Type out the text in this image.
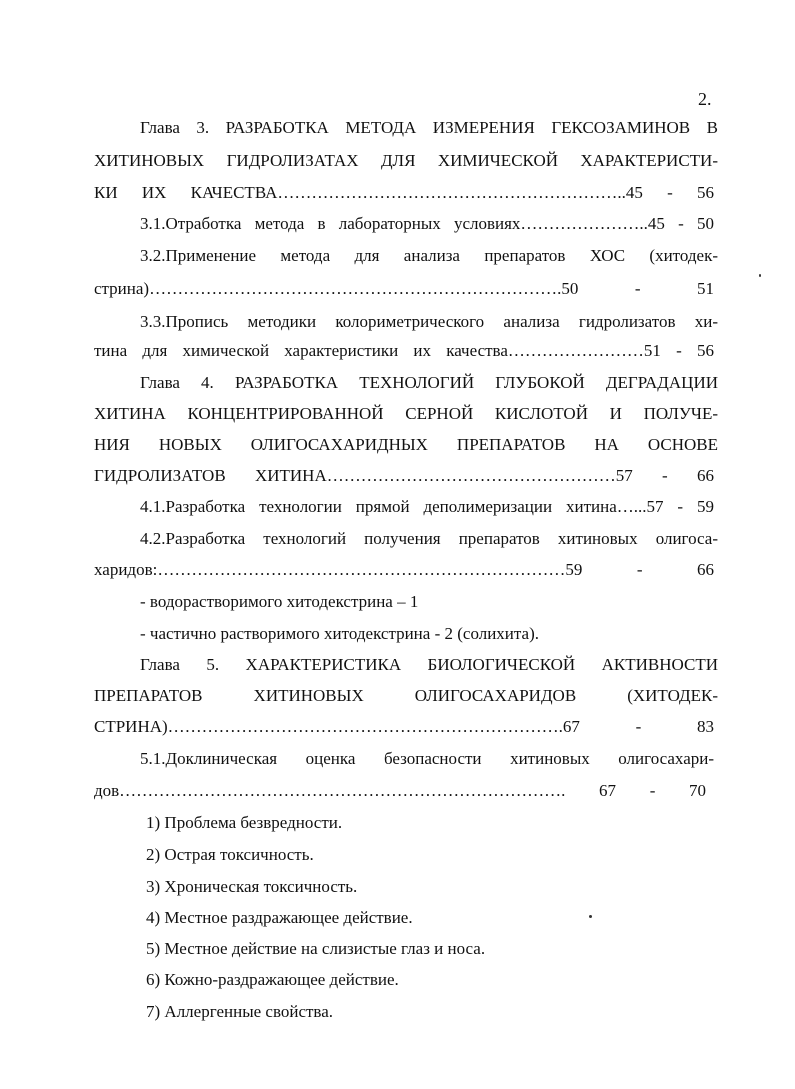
2.
Глава 3. РАЗРАБОТКА МЕТОДА ИЗМЕРЕНИЯ ГЕКСОЗАМИНОВ В
ХИТИНОВЫХ ГИДРОЛИЗАТАХ ДЛЯ ХИМИЧЕСКОЙ ХАРАКТЕРИСТИ-
КИ ИХ КАЧЕСТВА……………………………………………………..45 - 56
3.1.Отработка метода в лабораторных условиях…………………..45 - 50
3.2.Применение метода для анализа препаратов ХОС (хитодек-
стрина)……………………………………………………………….50 - 51
3.3.Пропись методики колориметрического анализа гидролизатов хи-
тина для химической характеристики их качества……………………51 - 56
Глава 4. РАЗРАБОТКА ТЕХНОЛОГИЙ ГЛУБОКОЙ ДЕГРАДАЦИИ
ХИТИНА КОНЦЕНТРИРОВАННОЙ СЕРНОЙ КИСЛОТОЙ И ПОЛУЧЕ-
НИЯ НОВЫХ ОЛИГОСАХАРИДНЫХ ПРЕПАРАТОВ НА ОСНОВЕ
ГИДРОЛИЗАТОВ ХИТИНА……………………………………………57 - 66
4.1.Разработка технологии прямой деполимеризации хитина…...57 - 59
4.2.Разработка технологий получения препаратов хитиновых олигоса-
харидов:………………………………………………………………59 - 66
- водорастворимого хитодекстрина – 1
- частично растворимого хитодекстрина - 2 (солихита).
Глава 5. ХАРАКТЕРИСТИКА БИОЛОГИЧЕСКОЙ АКТИВНОСТИ
ПРЕПАРАТОВ ХИТИНОВЫХ ОЛИГОСАХАРИДОВ (ХИТОДЕК-
СТРИНА)…………………………………………………………….67 - 83
5.1.Доклиническая оценка безопасности хитиновых олигосахари-
дов……………………………………………………………………. 67 - 70
1) Проблема безвредности.
2) Острая токсичность.
3) Хроническая токсичность.
4) Местное раздражающее действие.
5) Местное действие на слизистые глаз и носа.
6) Кожно-раздражающее действие.
7) Аллергенные свойства.
